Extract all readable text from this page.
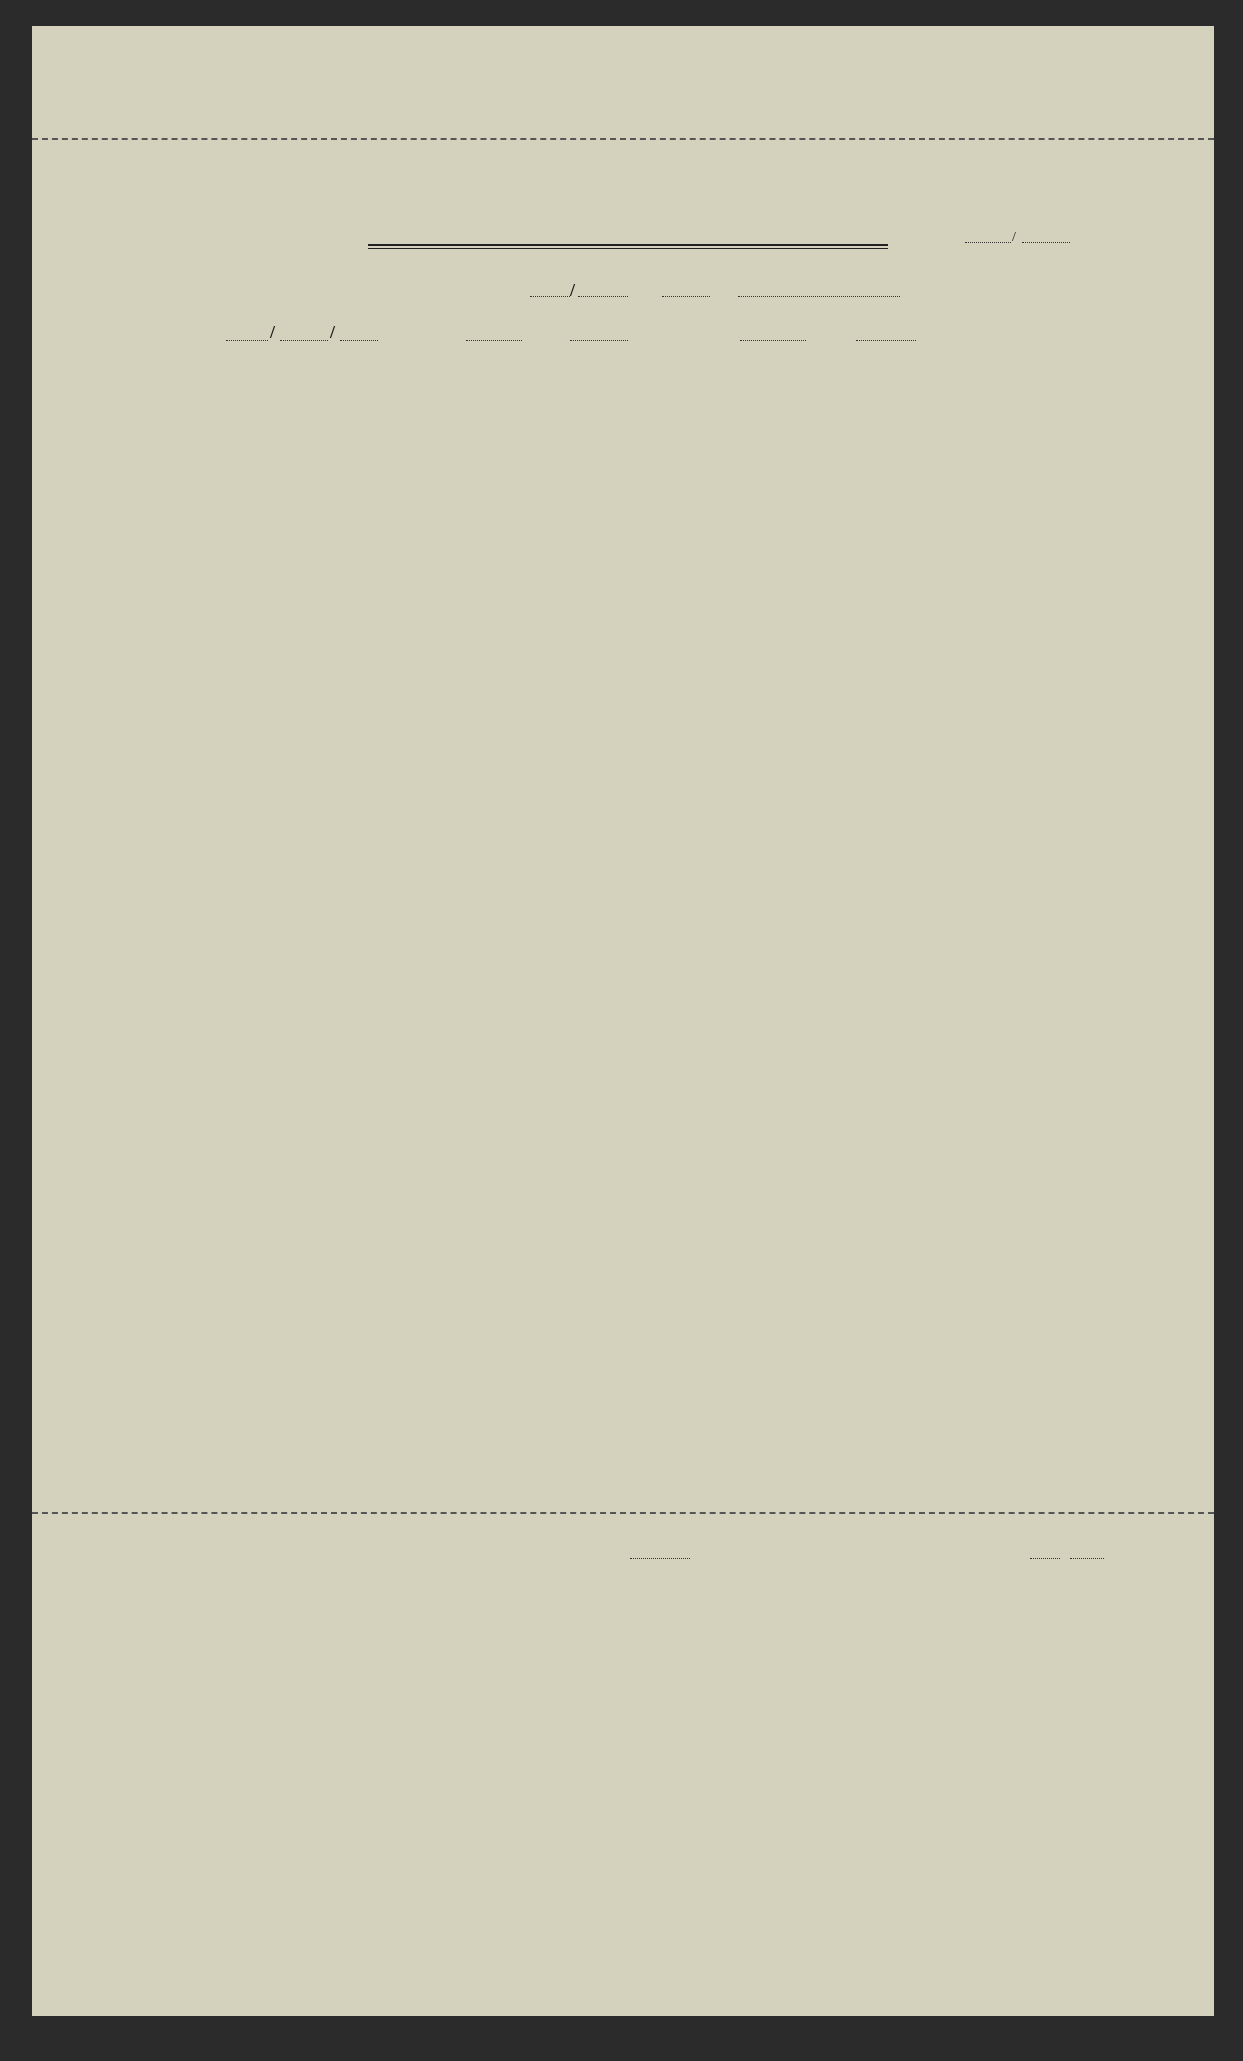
/
/
/	/
